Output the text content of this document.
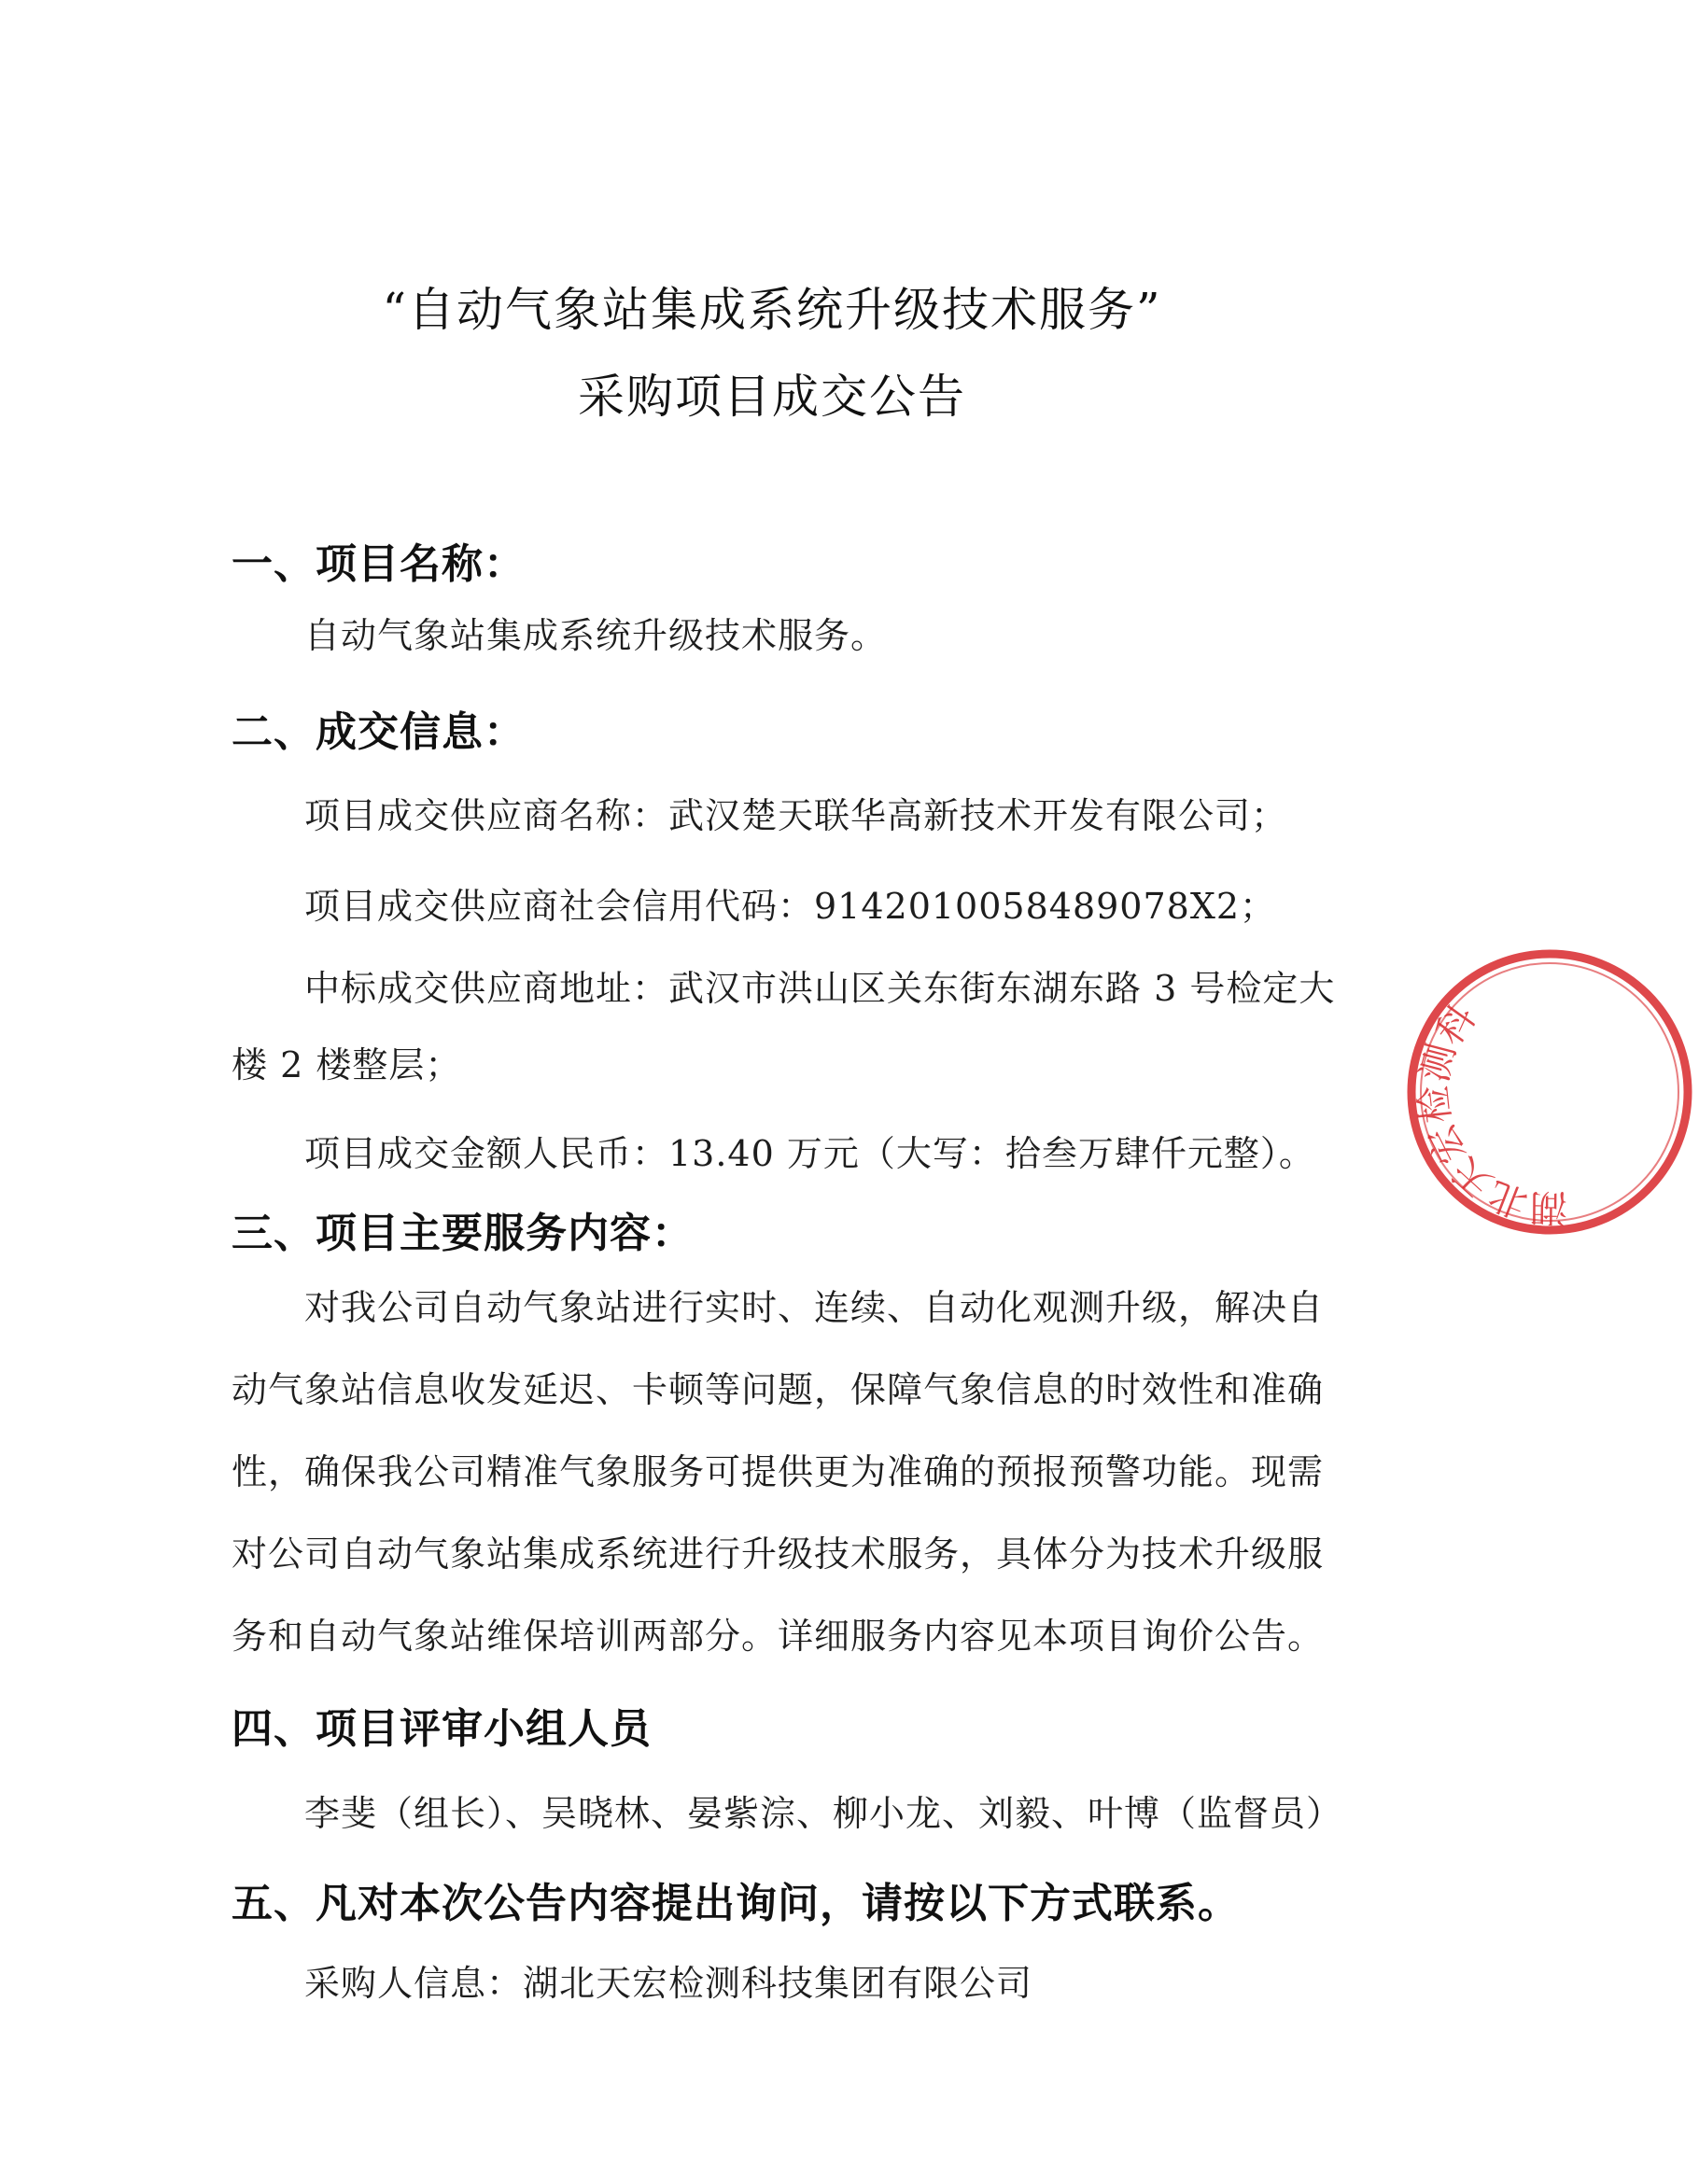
“自动气象站集成系统升级技术服务”
采购项目成交公告
一、项目名称：
自动气象站集成系统升级技术服务。
二、成交信息：
项目成交供应商名称：武汉楚天联华高新技术开发有限公司；
项目成交供应商社会信用代码：9142010058489078X2；
中标成交供应商地址：武汉市洪山区关东街东湖东路 3 号检定大
楼 2 楼整层；
项目成交金额人民币：13.40 万元（大写：拾叁万肆仟元整）。
三、项目主要服务内容：
对我公司自动气象站进行实时、连续、自动化观测升级，解决自
动气象站信息收发延迟、卡顿等问题，保障气象信息的时效性和准确
性，确保我公司精准气象服务可提供更为准确的预报预警功能。现需
对公司自动气象站集成系统进行升级技术服务，具体分为技术升级服
务和自动气象站维保培训两部分。详细服务内容见本项目询价公告。
四、项目评审小组人员
李斐（组长）、吴晓林、晏紫淙、柳小龙、刘毅、叶博（监督员）
五、凡对本次公告内容提出询问，请按以下方式联系。
采购人信息：湖北天宏检测科技集团有限公司
湖北天宏检测科
